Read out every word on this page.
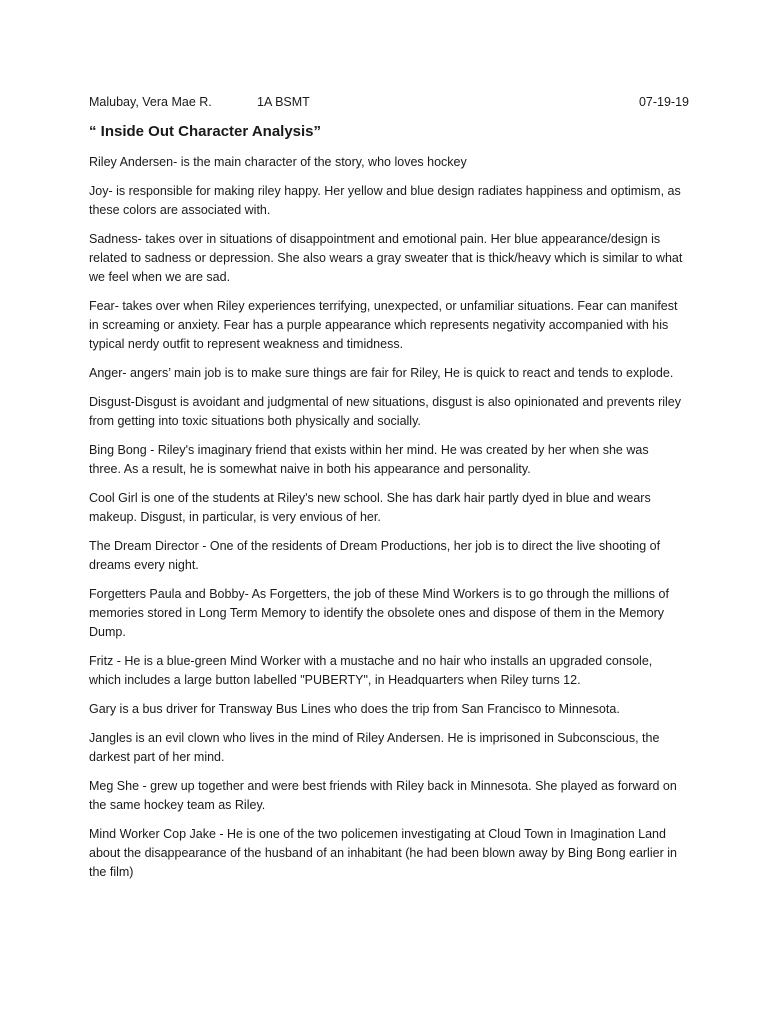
Malubay, Vera Mae R.	1A BSMT	07-19-19
“ Inside Out Character Analysis”

Riley Andersen- is the main character of the story, who loves hockey

Joy- is responsible for making riley happy. Her yellow and blue design radiates happiness and optimism, as these colors are associated with.

Sadness- takes over in situations of disappointment and emotional pain. Her blue appearance/design is related to sadness or depression. She also wears a gray sweater that is thick/heavy which is similar to what we feel when we are sad.

Fear- takes over when Riley experiences terrifying, unexpected, or unfamiliar situations. Fear can manifest in screaming or anxiety. Fear has a purple appearance which represents negativity accompanied with his typical nerdy outfit to represent weakness and timidness.

Anger- angers’ main job is to make sure things are fair for Riley, He is quick to react and tends to explode.

Disgust-Disgust is avoidant and judgmental of new situations, disgust is also opinionated and prevents riley from getting into toxic situations both physically and socially.

Bing Bong - Riley's imaginary friend that exists within her mind. He was created by her when she was three. As a result, he is somewhat naive in both his appearance and personality.

Cool Girl is one of the students at Riley's new school. She has dark hair partly dyed in blue and wears makeup. Disgust, in particular, is very envious of her.

The Dream Director - One of the residents of Dream Productions, her job is to direct the live shooting of dreams every night.

Forgetters Paula and Bobby- As Forgetters, the job of these Mind Workers is to go through the millions of memories stored in Long Term Memory to identify the obsolete ones and dispose of them in the Memory Dump.

Fritz - He is a blue-green Mind Worker with a mustache and no hair who installs an upgraded console, which includes a large button labelled "PUBERTY", in Headquarters when Riley turns 12.

Gary is a bus driver for Transway Bus Lines who does the trip from San Francisco to Minnesota.

Jangles is an evil clown who lives in the mind of Riley Andersen. He is imprisoned in Subconscious, the darkest part of her mind.

Meg She - grew up together and were best friends with Riley back in Minnesota. She played as forward on the same hockey team as Riley.

Mind Worker Cop Jake - He is one of the two policemen investigating at Cloud Town in Imagination Land about the disappearance of the husband of an inhabitant (he had been blown away by Bing Bong earlier in the film)
